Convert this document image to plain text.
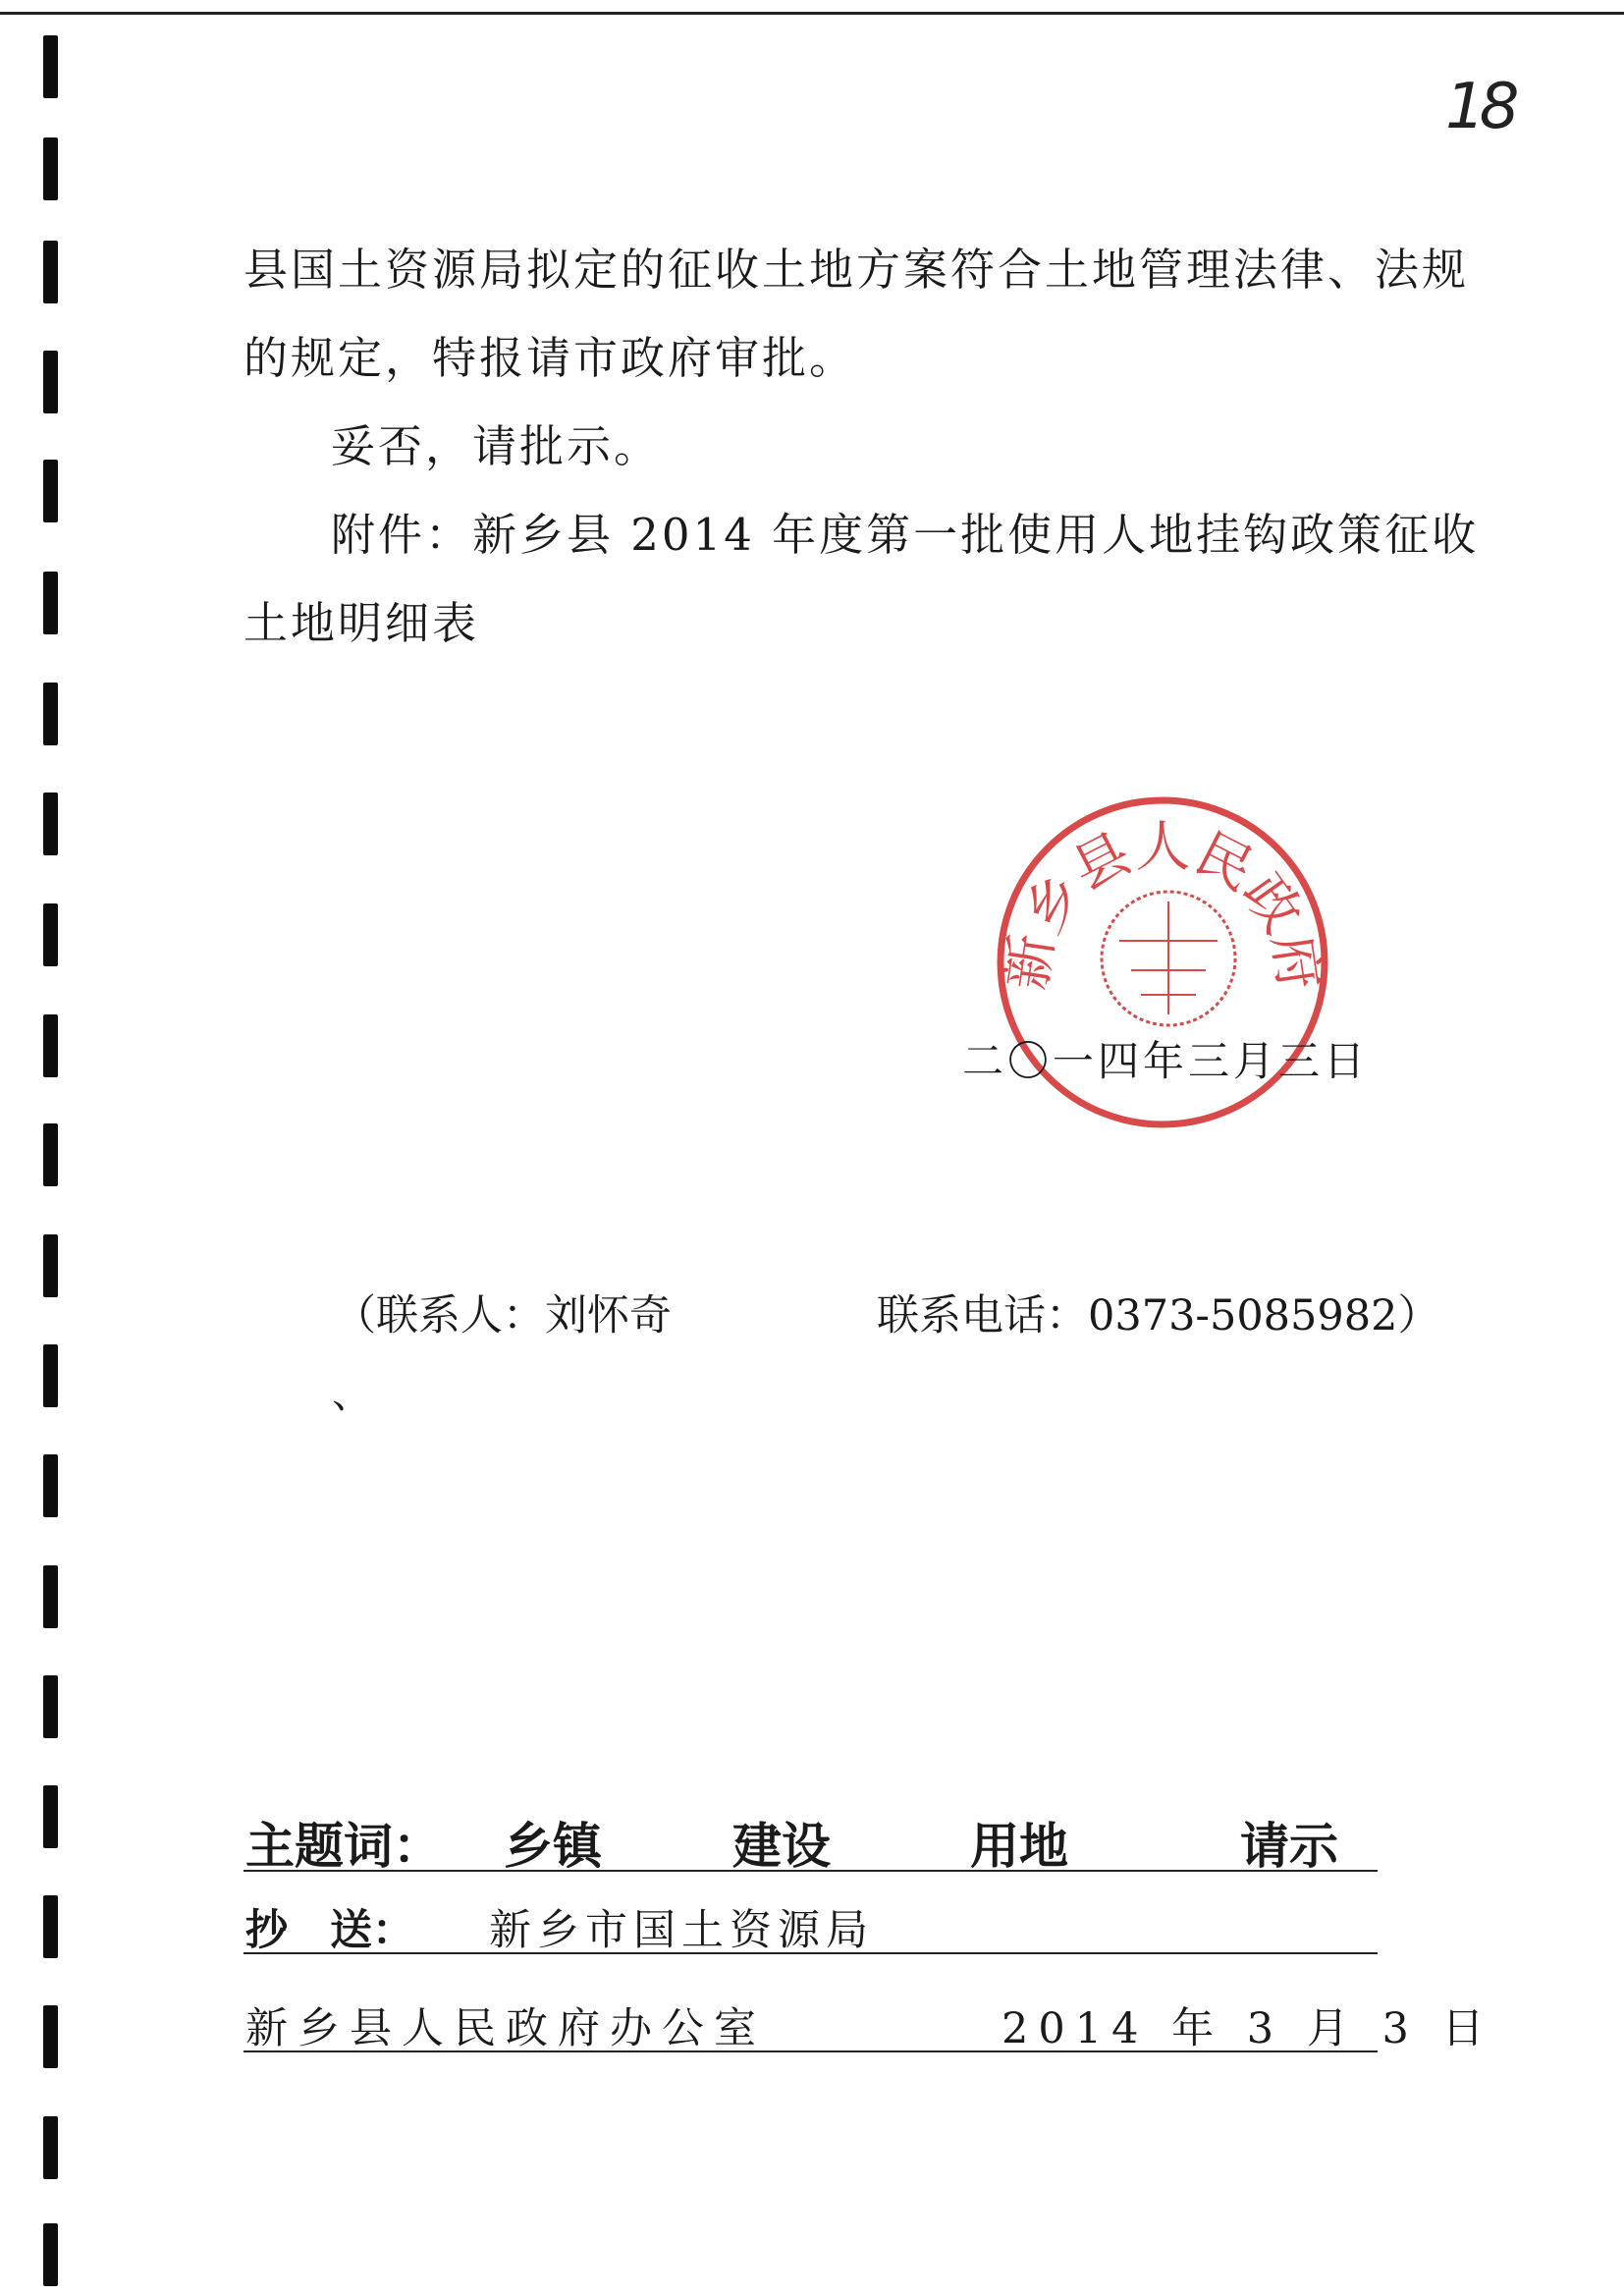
18
县国土资源局拟定的征收土地方案符合土地管理法律、法规
的规定，特报请市政府审批。
妥否，请批示。
附件：新乡县 2014 年度第一批使用人地挂钩政策征收
土地明细表
新乡县人民政府
二〇一四年三月三日
（联系人：刘怀奇	联系电话：0373-5085982）
、
主题词： 乡镇	建设	用地	请示
抄　送： 新乡市国土资源局
新乡县人民政府办公室	2014 年 3 月 3 日
